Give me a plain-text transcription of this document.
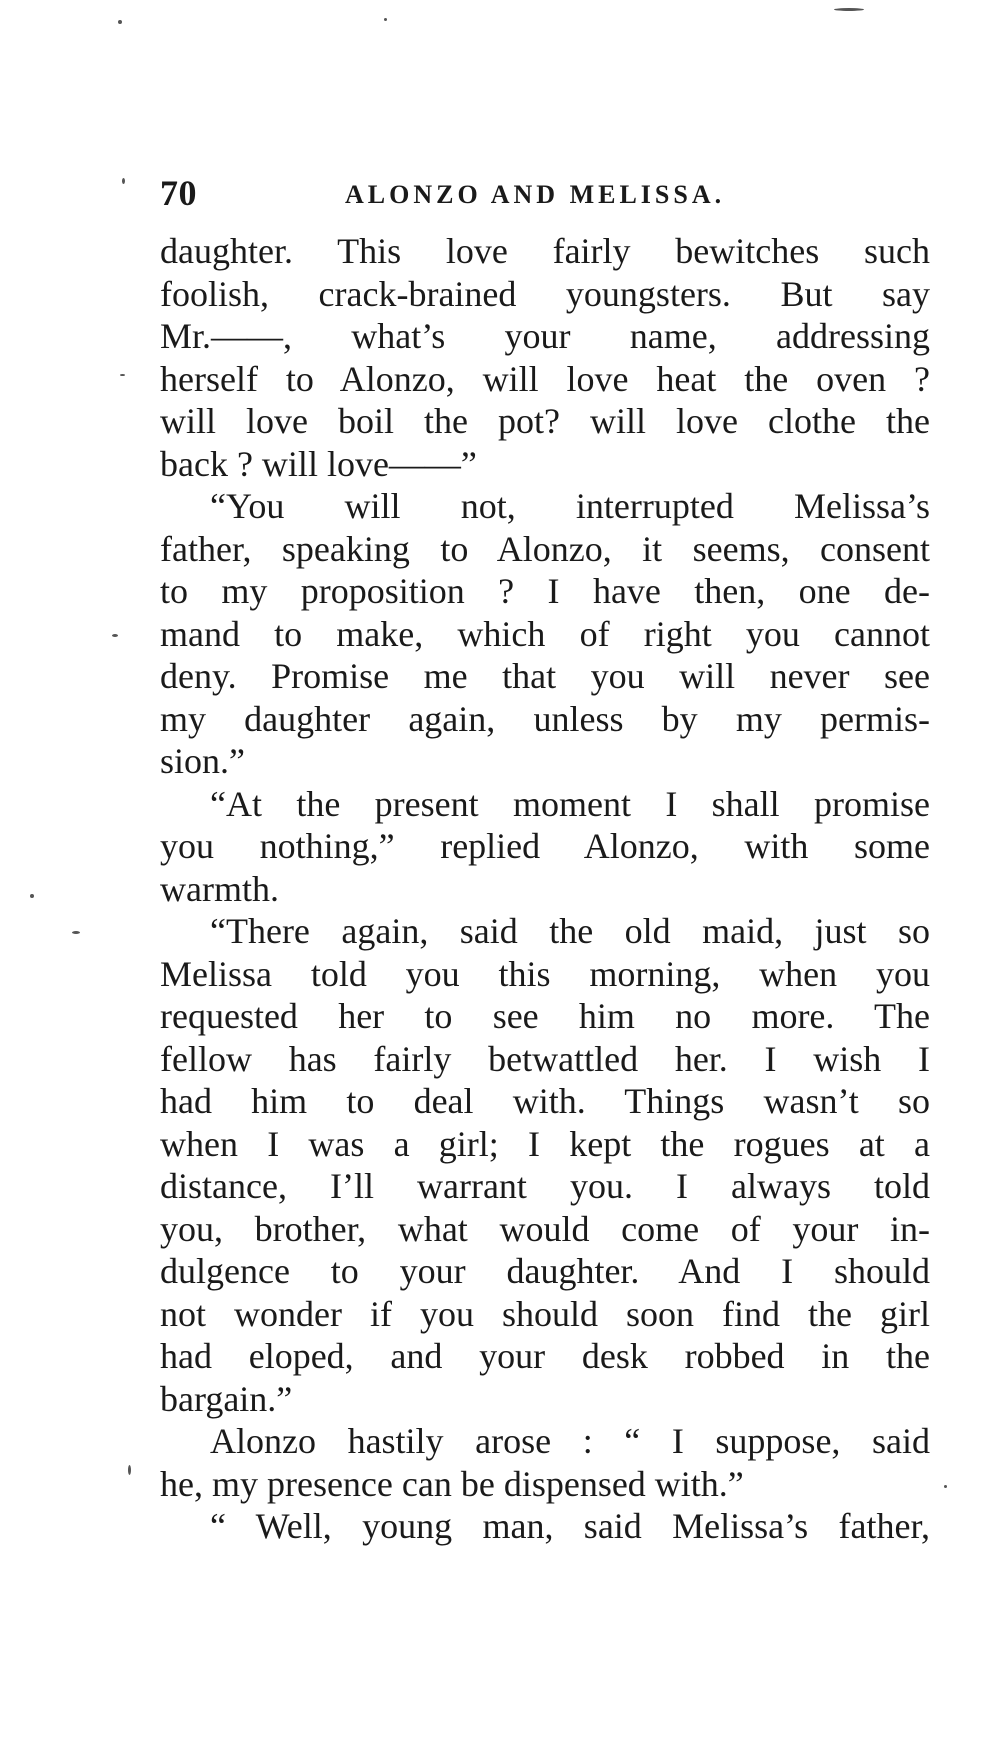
70	ALONZO AND MELISSA.
daughter. This love fairly bewitches such
foolish, crack-brained youngsters. But say
Mr.——, what’s your name, addressing
herself to Alonzo, will love heat the oven ?
will love boil the pot? will love clothe the
back ? will love——”
“You will not, interrupted Melissa’s
father, speaking to Alonzo, it seems, consent
to my proposition ? I have then, one de-
mand to make, which of right you cannot
deny. Promise me that you will never see
my daughter again, unless by my permis-
sion.”
“At the present moment I shall promise
you nothing,” replied Alonzo, with some
warmth.
“There again, said the old maid, just so
Melissa told you this morning, when you
requested her to see him no more. The
fellow has fairly betwattled her. I wish I
had him to deal with. Things wasn’t so
when I was a girl; I kept the rogues at a
distance, I’ll warrant you. I always told
you, brother, what would come of your in-
dulgence to your daughter. And I should
not wonder if you should soon find the girl
had eloped, and your desk robbed in the
bargain.”
Alonzo hastily arose : “ I suppose, said
he, my presence can be dispensed with.”
“ Well, young man, said Melissa’s father,
